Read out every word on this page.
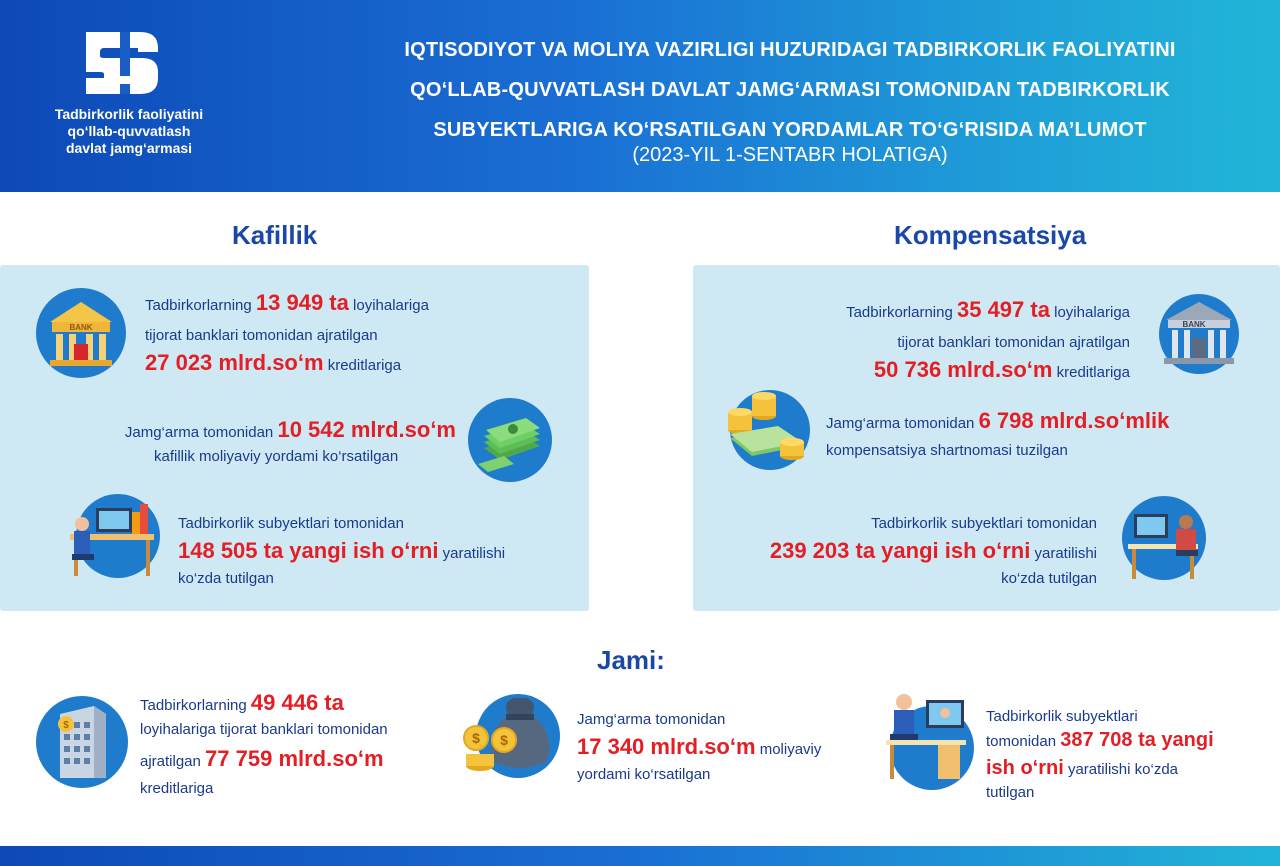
Tadbirkorlik faoliyatini
qo‘llab-quvvatlash
davlat jamg‘armasi
IQTISODIYOT VA MOLIYA VAZIRLIGI HUZURIDAGI TADBIRKORLIK FAOLIYATINI
QO‘LLAB-QUVVATLASH DAVLAT JAMG‘ARMASI TOMONIDAN TADBIRKORLIK
SUBYEKTLARIGA KO‘RSATILGAN YORDAMLAR TO‘G‘RISIDA MA’LUMOT
(2023-YIL 1-SENTABR HOLATIGA)
Kafillik
BANK
Tadbirkorlarning 13 949 ta loyihalariga
tijorat banklari tomonidan ajratilgan
27 023 mlrd.so‘m kreditlariga
Jamg‘arma tomonidan 10 542 mlrd.so‘m
kafillik moliyaviy yordami ko‘rsatilgan
Tadbirkorlik subyektlari tomonidan
148 505 ta yangi ish o‘rni yaratilishi
ko‘zda tutilgan
Kompensatsiya
Tadbirkorlarning 35 497 ta loyihalariga
tijorat banklari tomonidan ajratilgan
50 736 mlrd.so‘m kreditlariga
BANK
Jamg‘arma tomonidan 6 798 mlrd.so‘mlik
kompensatsiya shartnomasi tuzilgan
Tadbirkorlik subyektlari tomonidan
239 203 ta yangi ish o‘rni yaratilishi
ko‘zda tutilgan
Jami:
$
Tadbirkorlarning 49 446 ta
loyihalariga tijorat banklari tomonidan
ajratilgan 77 759 mlrd.so‘m
kreditlariga
$ $
Jamg‘arma tomonidan
17 340 mlrd.so‘m moliyaviy
yordami ko‘rsatilgan
Tadbirkorlik subyektlari
tomonidan 387 708 ta yangi
ish o‘rni yaratilishi ko‘zda
tutilgan
